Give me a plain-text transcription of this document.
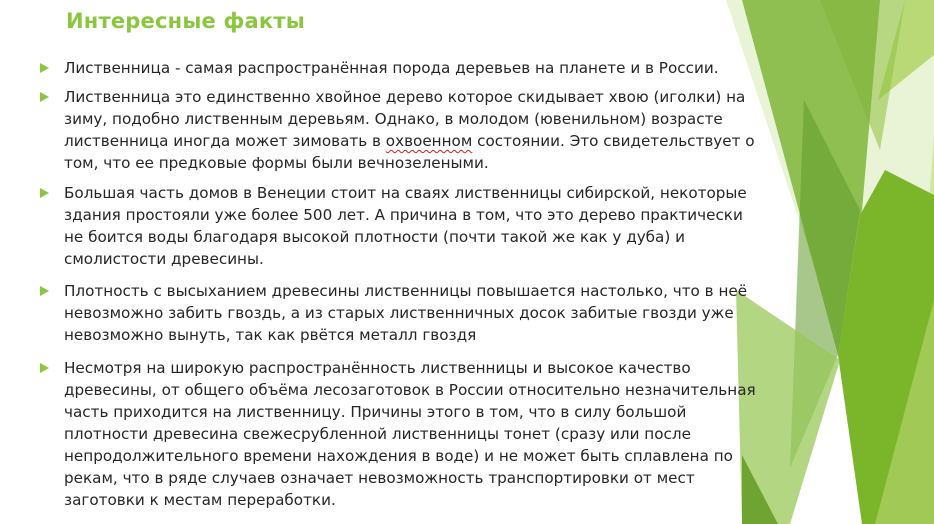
Интересные факты
Лиственница - самая распространённая порода деревьев на планете и в России.
Лиственница это единственно хвойное дерево которое скидывает хвою (иголки) на зиму, подобно лиственным деревьям. Однако, в молодом (ювенильном) возрасте лиственница иногда может зимовать в охвоенном состоянии. Это свидетельствует о том, что ее предковые формы были вечнозелеными.
Большая часть домов в Венеции стоит на сваях лиственницы сибирской, некоторые здания простояли уже более 500 лет. А причина в том, что это дерево практически не боится воды благодаря высокой плотности (почти такой же как у дуба) и смолистости древесины.
Плотность с высыханием древесины лиственницы повышается настолько, что в неё невозможно забить гвоздь, а из старых лиственничных досок забитые гвозди уже невозможно вынуть, так как рвётся металл гвоздя
Несмотря на широкую распространённость лиственницы и высокое качество древесины, от общего объёма лесозаготовок в России относительно незначительная часть приходится на лиственницу. Причины этого в том, что в силу большой плотности древесина свежесрубленной лиственницы тонет (сразу или после непродолжительного времени нахождения в воде) и не может быть сплавлена по рекам, что в ряде случаев означает невозможность транспортировки от мест заготовки к местам переработки.
